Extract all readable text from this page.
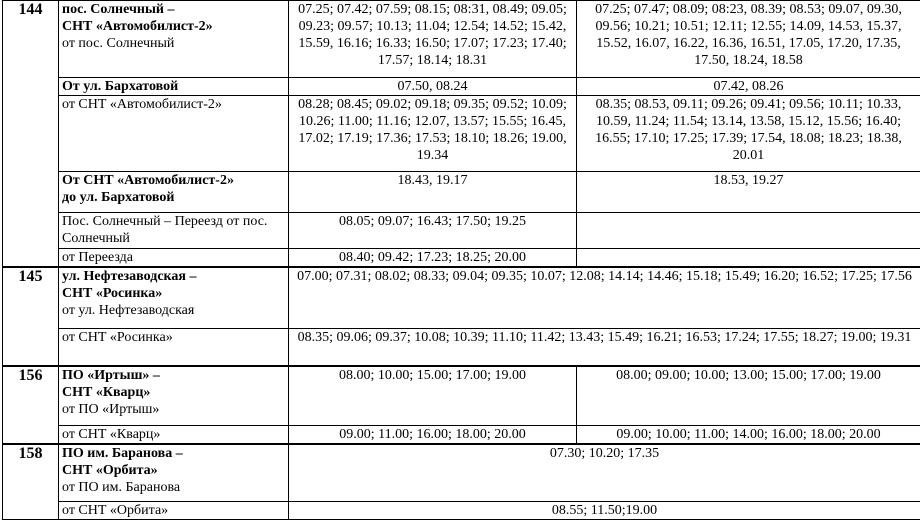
144	пос. Солнечный –
СНТ «Автомобилист-2»
от пос. Солнечный	07.25; 07.42; 07.59; 08.15; 08:31, 08.49; 09.05; 09.23; 09.57; 10.13; 11.04; 12.54; 14.52; 15.42, 15.59, 16.16; 16.33; 16.50; 17.07; 17.23; 17.40; 17.57; 18.14; 18.31	07.25; 07.47; 08.09; 08:23, 08.39; 08.53; 09.07, 09.30, 09.56; 10.21; 10.51; 12.11; 12.55; 14.09, 14.53, 15.37, 15.52, 16.07, 16.22, 16.36, 16.51, 17.05, 17.20, 17.35, 17.50, 18.24, 18.58

	От ул. Бархатовой	07.50, 08.24	07.42, 08.26

	от СНТ «Автомобилист-2»	08.28; 08.45; 09.02; 09.18; 09.35; 09.52; 10.09; 10.26; 11.00; 11.16; 12.07, 13.57; 15.55; 16.45, 17.02; 17.19; 17.36; 17.53; 18.10; 18.26; 19.00, 19.34	08.35; 08.53, 09.11; 09.26; 09.41; 09.56; 10.11; 10.33, 10.59, 11.24; 11.54; 13.14, 13.58, 15.12, 15.56; 16.40; 16.55; 17.10; 17.25; 17.39; 17.54, 18.08; 18.23; 18.38, 20.01

	От СНТ «Автомобилист-2»
до ул. Бархатовой	18.43, 19.17	18.53, 19.27

	Пос. Солнечный – Переезд от пос. Солнечный	08.05; 09.07; 16.43; 17.50; 19.25	

	от Переезда	08.40; 09.42; 17.23; 18.25; 20.00	
145	ул. Нефтезаводская –
СНТ «Росинка»
от ул. Нефтезаводская	07.00; 07.31; 08.02; 08.33; 09.04; 09.35; 10.07; 12.08; 14.14; 14.46; 15.18; 15.49; 16.20; 16.52; 17.25; 17.56	

	от СНТ «Росинка»	08.35; 09.06; 09.37; 10.08; 10.39; 11.10; 11.42; 13.43; 15.49; 16.21; 16.53; 17.24; 17.55; 18.27; 19.00; 19.31	
156	ПО «Иртыш» –
СНТ «Кварц»
от ПО «Иртыш»	08.00; 10.00; 15.00; 17.00; 19.00	08.00; 09.00; 10.00; 13.00; 15.00; 17.00; 19.00

	от СНТ «Кварц»	09.00; 11.00; 16.00; 18.00; 20.00	09.00; 10.00; 11.00; 14.00; 16.00; 18.00; 20.00
158	ПО им. Баранова –
СНТ «Орбита»
от ПО им. Баранова	07.30; 10.20; 17.35	

	от СНТ «Орбита»	08.55; 11.50;19.00	
